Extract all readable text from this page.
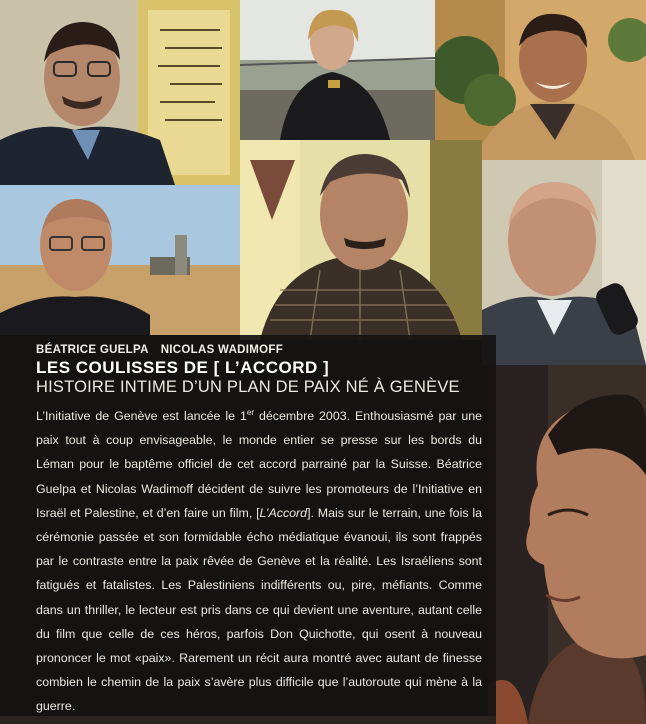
BÉATRICE GUELPA NICOLAS WADIMOFF
LES COULISSES DE [ L’ACCORD ]
HISTOIRE INTIME D’UN PLAN DE PAIX NÉ À GENÈVE
L’Initiative de Genève est lancée le 1er décembre 2003. Enthousiasmé par une paix tout à coup envisageable, le monde entier se presse sur les bords du Léman pour le baptême officiel de cet accord parrainé par la Suisse. Béatrice Guelpa et Nicolas Wadimoff décident de suivre les promoteurs de l’Initiative en Israël et Palestine, et d’en faire un film, [L’Accord]. Mais sur le terrain, une fois la cérémonie passée et son formidable écho médiatique évanoui, ils sont frappés par le contraste entre la paix rêvée de Genève et la réalité. Les Israéliens sont fatigués et fatalistes. Les Palestiniens indifférents ou, pire, méfiants. Comme dans un thriller, le lecteur est pris dans ce qui devient une aventure, autant celle du film que celle de ces héros, parfois Don Quichotte, qui osent à nouveau prononcer le mot «paix». Rarement un récit aura montré avec autant de finesse combien le chemin de la paix s’avère plus difficile que l’autoroute qui mène à la guerre.
